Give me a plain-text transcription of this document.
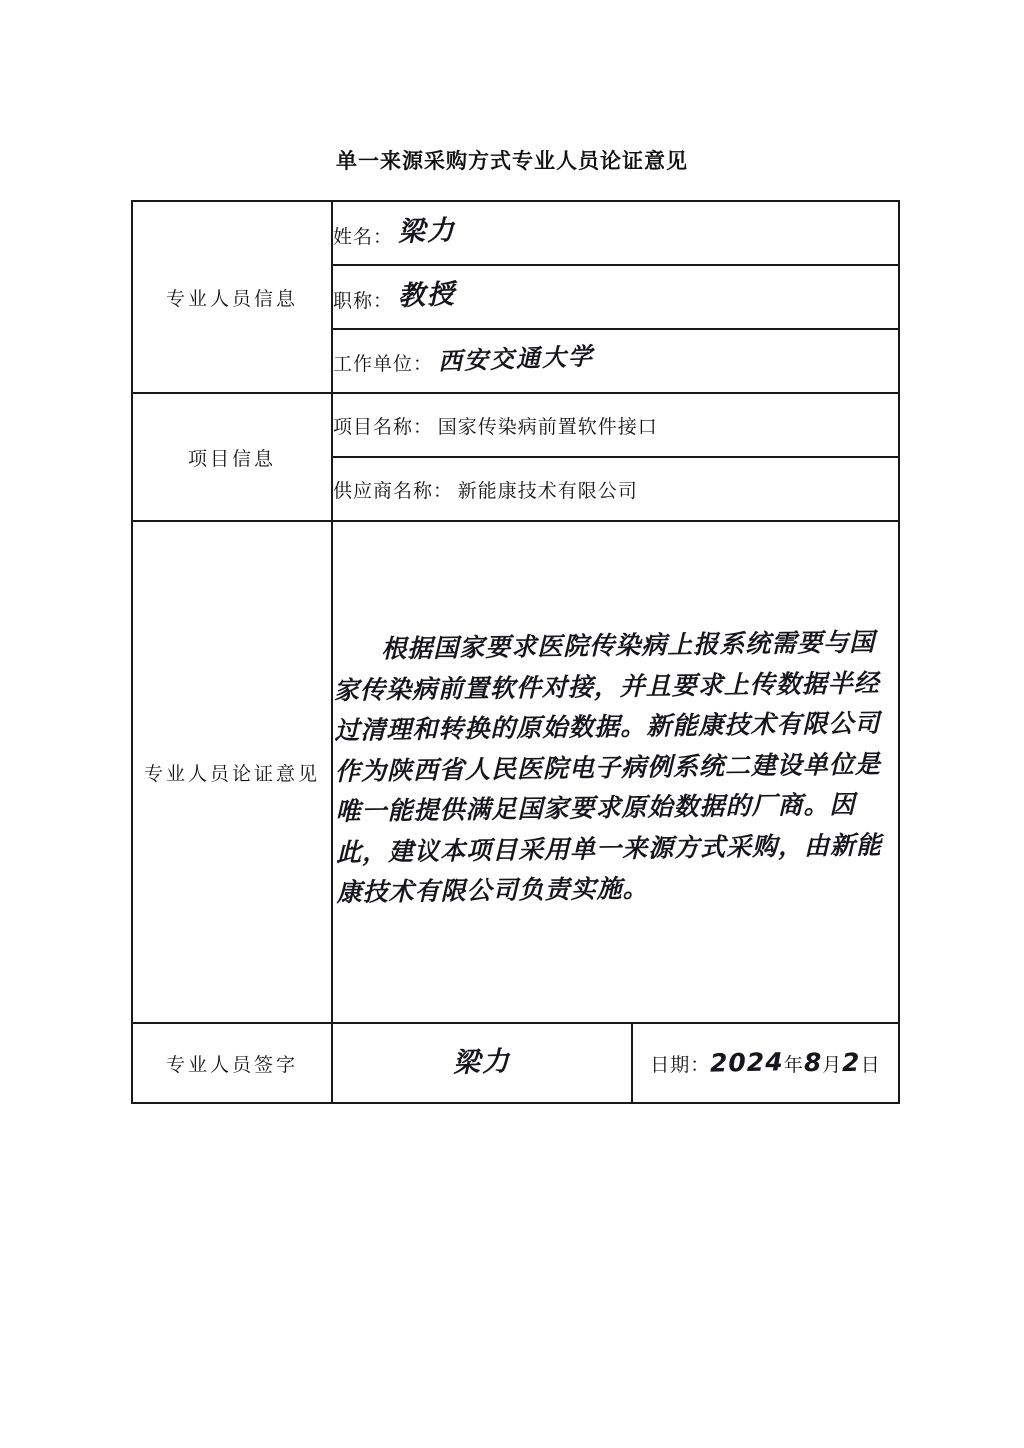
单一来源采购方式专业人员论证意见
专业人员信息	姓名： 梁力	
	职称： 教授	
	工作单位： 西安交通大学	
项目信息	项目名称： 国家传染病前置软件接口	
	供应商名称： 新能康技术有限公司	
专业人员论证意见	根据国家要求医院传染病上报系统需要与国家传染病前置软件对接，并且要求上传数据半经过清理和转换的原始数据。新能康技术有限公司作为陕西省人民医院电子病例系统二建设单位是唯一能提供满足国家要求原始数据的厂商。因此，建议本项目采用单一来源方式采购，由新能康技术有限公司负责实施。	

专业人员签字	梁力	日期：2024年8月2日
